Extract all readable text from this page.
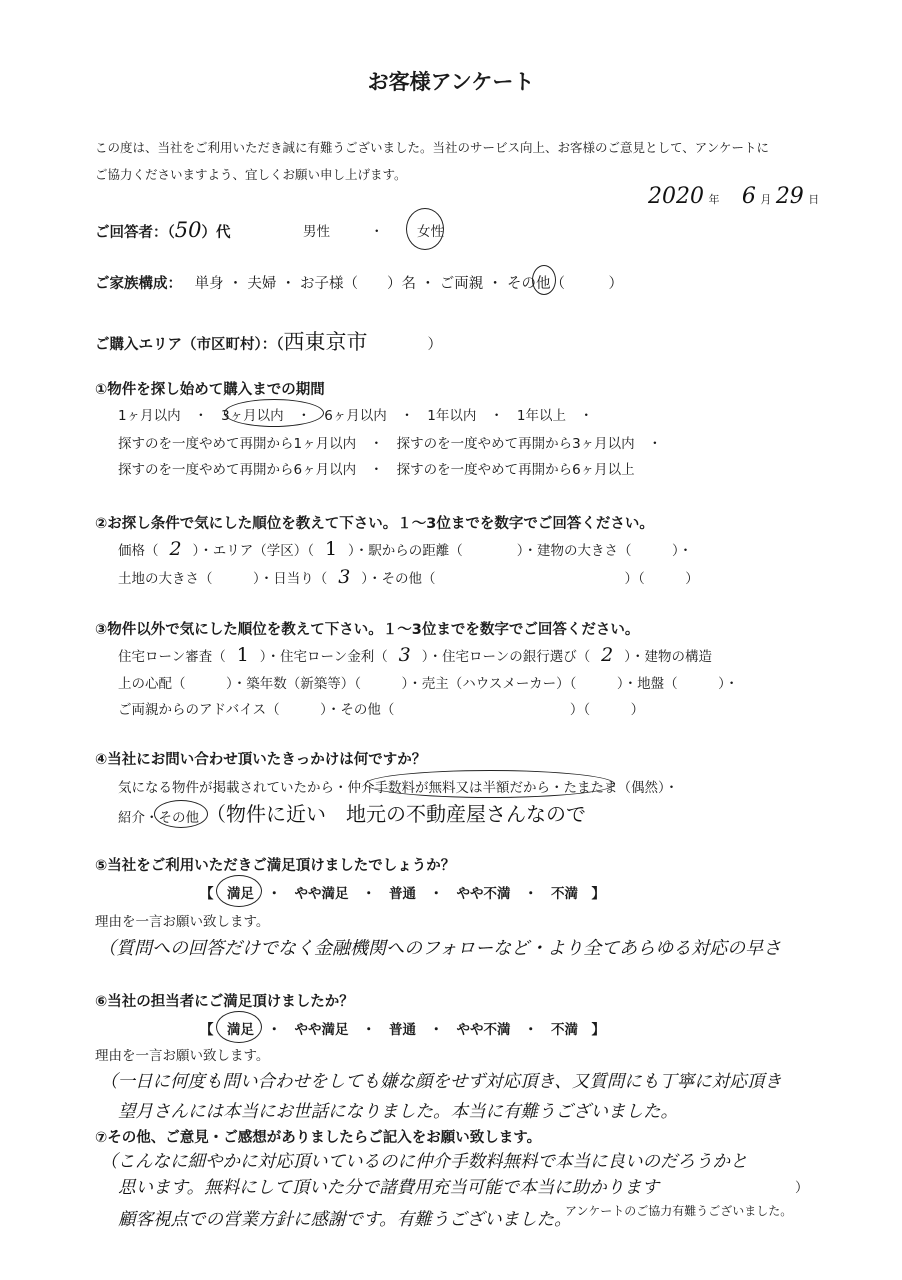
お客様アンケート
この度は、当社をご利用いただき誠に有難うございました。当社のサービス向上、お客様のご意見として、アンケートに
ご協力くださいますよう、宜しくお願い申し上げます。
2020 年 6 月 29 日
ご回答者：（50）代	男性	・ 女性
ご家族構成： 単身 ・ 夫婦 ・ お子様（　　）名 ・ ご両親 ・ その他（　　　）
ご購入エリア（市区町村）：（西東京市	）
①物件を探し始めて購入までの期間
1ヶ月以内　・　3ヶ月以内　・　6ヶ月以内　・　1年以内　・　1年以上　・
探すのを一度やめて再開から1ヶ月以内　・　探すのを一度やめて再開から3ヶ月以内　・
探すのを一度やめて再開から6ヶ月以内　・　探すのを一度やめて再開から6ヶ月以上
②お探し条件で気にした順位を教えて下さい。１～3位までを数字でご回答ください。
価格（ 2 ）・エリア（学区）（ 1 ）・駅からの距離（　　　　）・建物の大きさ（　　　）・
土地の大きさ（　　　）・日当り（ 3 ）・その他（　　　　　　　　　　　　　　）（　　　）
③物件以外で気にした順位を教えて下さい。１～3位までを数字でご回答ください。
住宅ローン審査（ 1 ）・住宅ローン金利（ 3 ）・住宅ローンの銀行選び（ 2 ）・建物の構造
上の心配（　　　）・築年数（新築等）（　　　）・売主（ハウスメーカー）（　　　）・地盤（　　　）・
ご両親からのアドバイス（　　　）・その他（　　　　　　　　　　　　　）（　　　）
④当社にお問い合わせ頂いたきっかけは何ですか？
気になる物件が掲載されていたから・仲介手数料が無料又は半額だから・たまたま（偶然）・
紹介・その他 （物件に近い　地元の不動産屋さんなので
⑤当社をご利用いただきご満足頂けましたでしょうか？
【　満足　・　やや満足　・　普通　・　やや不満　・　不満　】
理由を一言お願い致します。
（質問への回答だけでなく金融機関へのフォローなど・より全てあらゆる対応の早さ
⑥当社の担当者にご満足頂けましたか？
【　満足　・　やや満足　・　普通　・　やや不満　・　不満　】
理由を一言お願い致します。
（一日に何度も問い合わせをしても嫌な顔をせず対応頂き、又質問にも丁寧に対応頂き
望月さんには本当にお世話になりました。本当に有難うございました。
⑦その他、ご意見・ご感想がありましたらご記入をお願い致します。
（こんなに細やかに対応頂いているのに仲介手数料無料で本当に良いのだろうかと
思います。無料にして頂いた分で諸費用充当可能で本当に助かります	）
顧客視点での営業方針に感謝です。有難うございました。
アンケートのご協力有難うございました。
